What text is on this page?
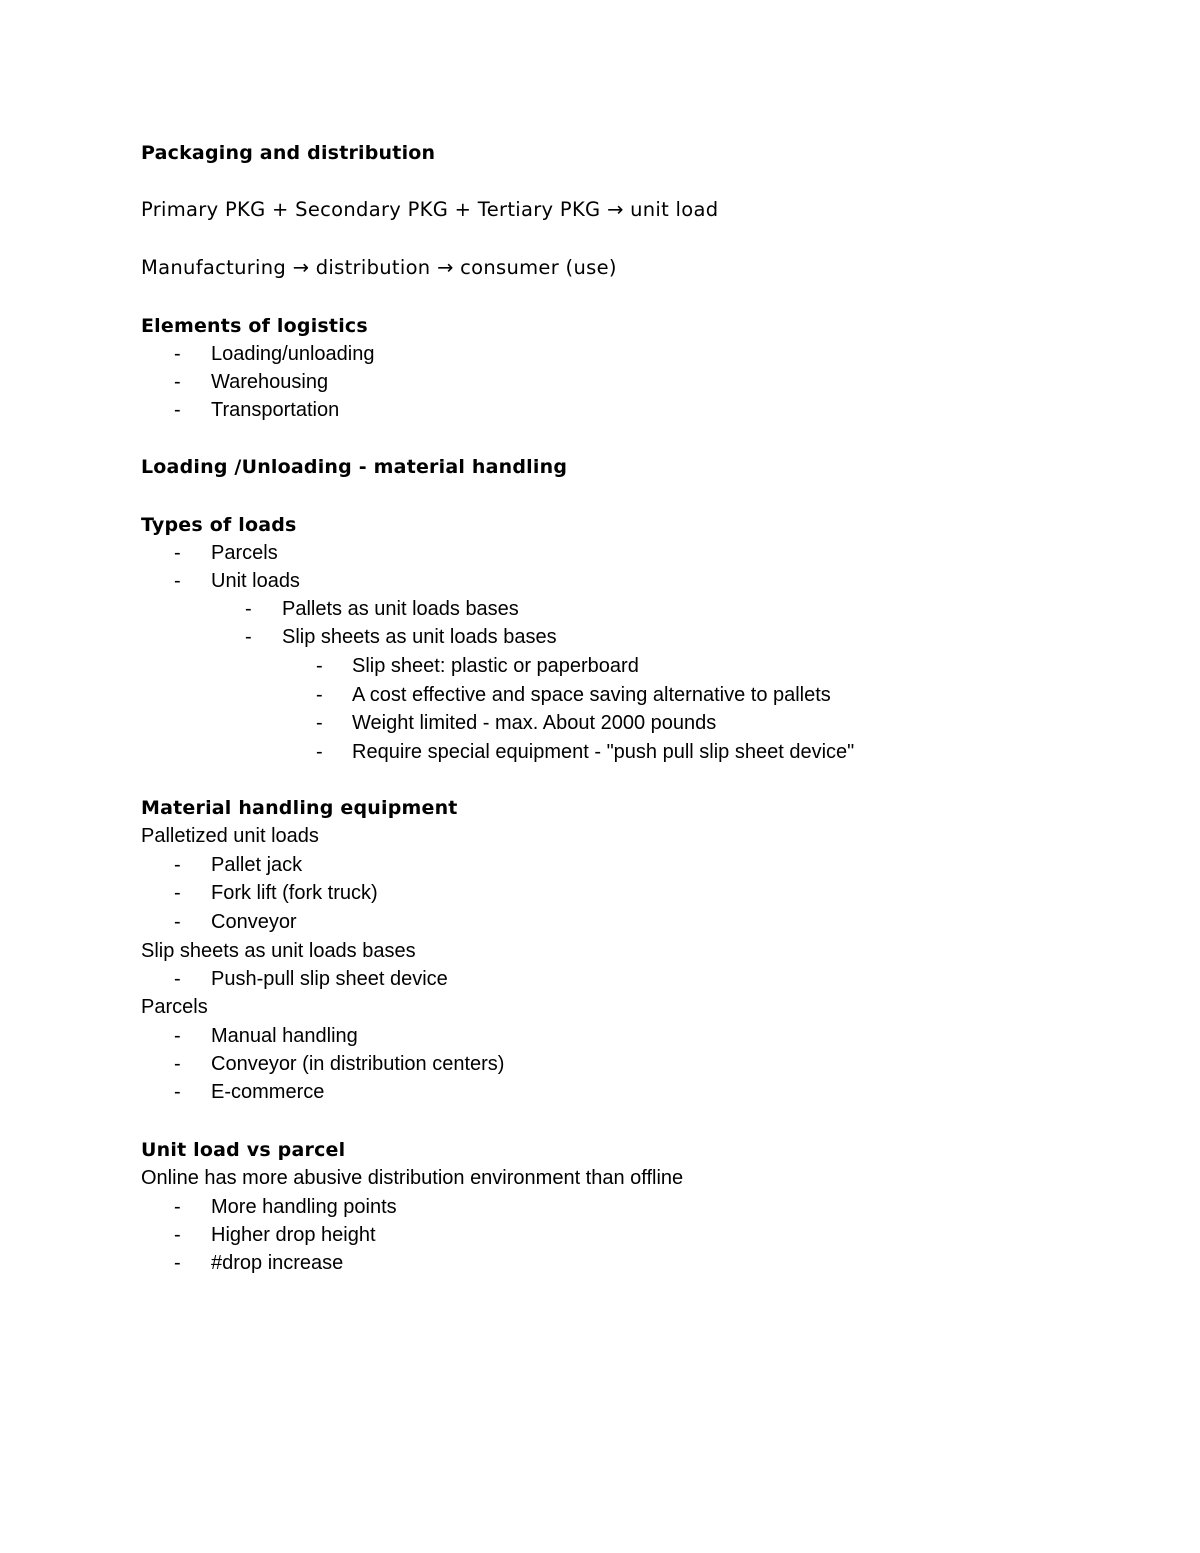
Packaging and distribution
Primary PKG + Secondary PKG + Tertiary PKG → unit load
Manufacturing → distribution → consumer (use)
Elements of logistics
- Loading/unloading
- Warehousing
- Transportation
Loading /Unloading - material handling
Types of loads
- Parcels
- Unit loads
- Pallets as unit loads bases
- Slip sheets as unit loads bases
- Slip sheet: plastic or paperboard
- A cost effective and space saving alternative to pallets
- Weight limited - max. About 2000 pounds
- Require special equipment - "push pull slip sheet device"
Material handling equipment
Palletized unit loads
- Pallet jack
- Fork lift (fork truck)
- Conveyor
Slip sheets as unit loads bases
- Push-pull slip sheet device
Parcels
- Manual handling
- Conveyor (in distribution centers)
- E-commerce
Unit load vs parcel
Online has more abusive distribution environment than offline
- More handling points
- Higher drop height
- #drop increase
